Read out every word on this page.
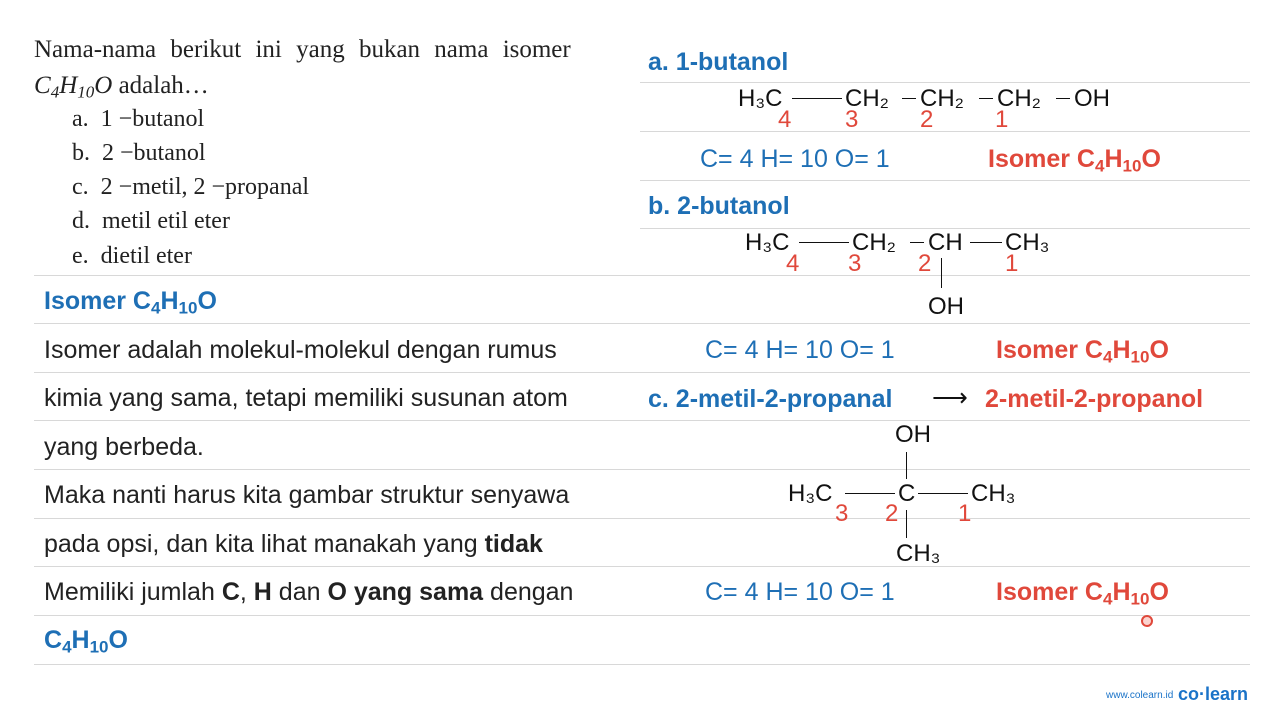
Nama-nama berikut ini yang bukan nama isomer
$C_4H_{10}O$ adalah…
a. 1 −butanol
b. 2 −butanol
c. 2 −metil, 2 −propanal
d. metil etil eter
e. dietil eter
Isomer $C_4H_{10}O$
Isomer adalah molekul-molekul dengan rumus
kimia yang sama, tetapi memiliki susunan atom
yang berbeda.
Maka nanti harus kita gambar struktur senyawa
pada opsi, dan kita lihat manakah yang tidak
Memiliki jumlah C, H dan O yang sama dengan
$C_4H_{10}O$
a. 1-butanol
H₃C	CH₂ CH₂ CH₂ OH
4 3	2	1
C= 4 H= 10 O= 1	Isomer $C_4H_{10}O$
b. 2-butanol
H₃C	CH₂ CH CH₃
OH
4 3 2	1
C= 4 H= 10 O= 1	Isomer $C_4H_{10}O$
c. 2-metil-2-propanal ⟶ 2-metil-2-propanol
OH
H₃C	C CH₃
CH₃
3 2 1
C= 4 H= 10 O= 1	Isomer $C_4H_{10}O$
www.colearn.id co·learn
